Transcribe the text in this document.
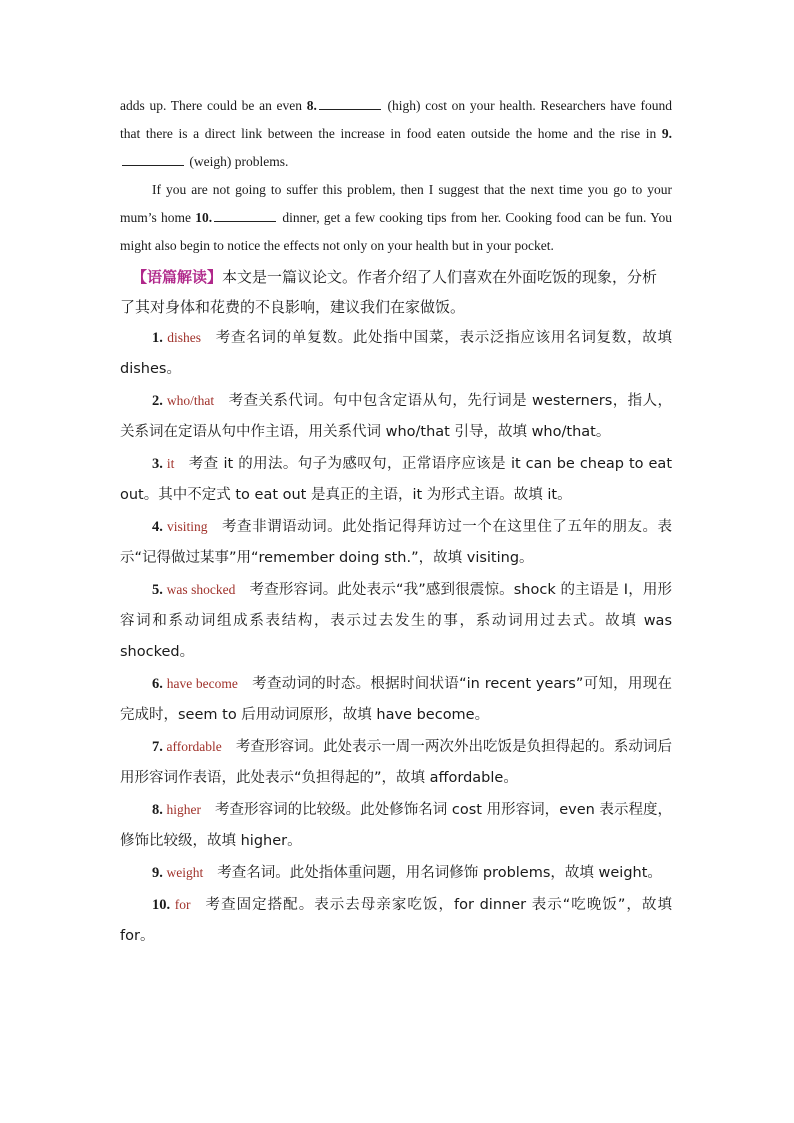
adds up. There could be an even 8.	(high) cost on your health. Researchers have found that there is a direct link between the increase in food eaten outside the home and the rise in 9. (weigh) problems.

If you are not going to suffer this problem, then I suggest that the next time you go to your mum’s home 10.	dinner, get a few cooking tips from her. Cooking food can be fun. You might also begin to notice the effects not only on your health but in your pocket.

【语篇解读】本文是一篇议论文。作者介绍了人们喜欢在外面吃饭的现象，分析了其对身体和花费的不良影响，建议我们在家做饭。

1. dishes 考查名词的单复数。此处指中国菜，表示泛指应该用名词复数，故填 dishes。

2. who/that 考查关系代词。句中包含定语从句，先行词是 westerners，指人，关系词在定语从句中作主语，用关系代词 who/that 引导，故填 who/that。

3. it 考查 it 的用法。句子为感叹句，正常语序应该是 it can be cheap to eat out。其中不定式 to eat out 是真正的主语，it 为形式主语。故填 it。

4. visiting 考查非谓语动词。此处指记得拜访过一个在这里住了五年的朋友。表示“记得做过某事”用“remember doing sth.”，故填 visiting。

5. was shocked 考查形容词。此处表示“我”感到很震惊。shock 的主语是 I，用形容词和系动词组成系表结构，表示过去发生的事，系动词用过去式。故填 was shocked。

6. have become 考查动词的时态。根据时间状语“in recent years”可知，用现在完成时，seem to 后用动词原形，故填 have become。

7. affordable 考查形容词。此处表示一周一两次外出吃饭是负担得起的。系动词后用形容词作表语，此处表示“负担得起的”，故填 affordable。

8. higher 考查形容词的比较级。此处修饰名词 cost 用形容词，even 表示程度，修饰比较级，故填 higher。

9. weight 考查名词。此处指体重问题，用名词修饰 problems，故填 weight。

10. for 考查固定搭配。表示去母亲家吃饭，for dinner 表示“吃晚饭”，故填 for。
